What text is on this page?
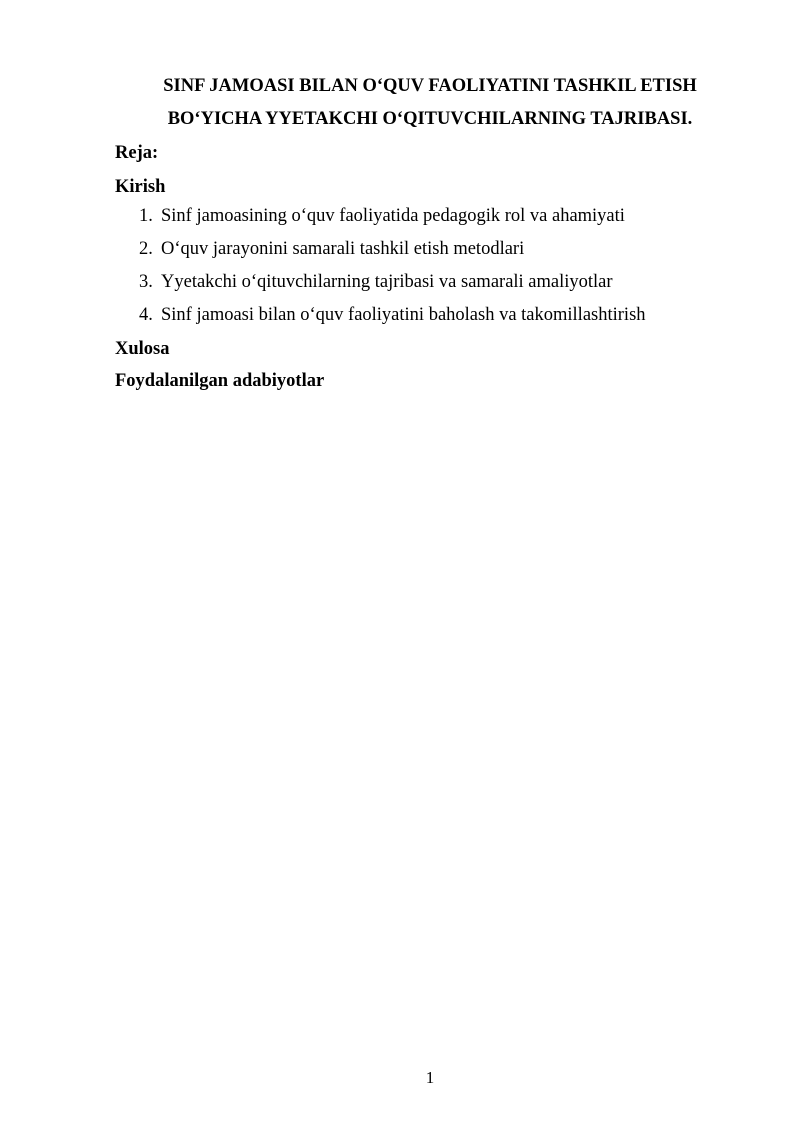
SINF JAMOASI BILAN O‘QUV FAOLIYATINI TASHKIL ETISH
BO‘YICHA YYETAKCHI O‘QITUVCHILARNING TAJRIBASI.
Reja:
Kirish
1. Sinf jamoasining o‘quv faoliyatida pedagogik rol va ahamiyati
2. O‘quv jarayonini samarali tashkil etish metodlari
3. Yyetakchi o‘qituvchilarning tajribasi va samarali amaliyotlar
4. Sinf jamoasi bilan o‘quv faoliyatini baholash va takomillashtirish
Xulosa
Foydalanilgan adabiyotlar
1
